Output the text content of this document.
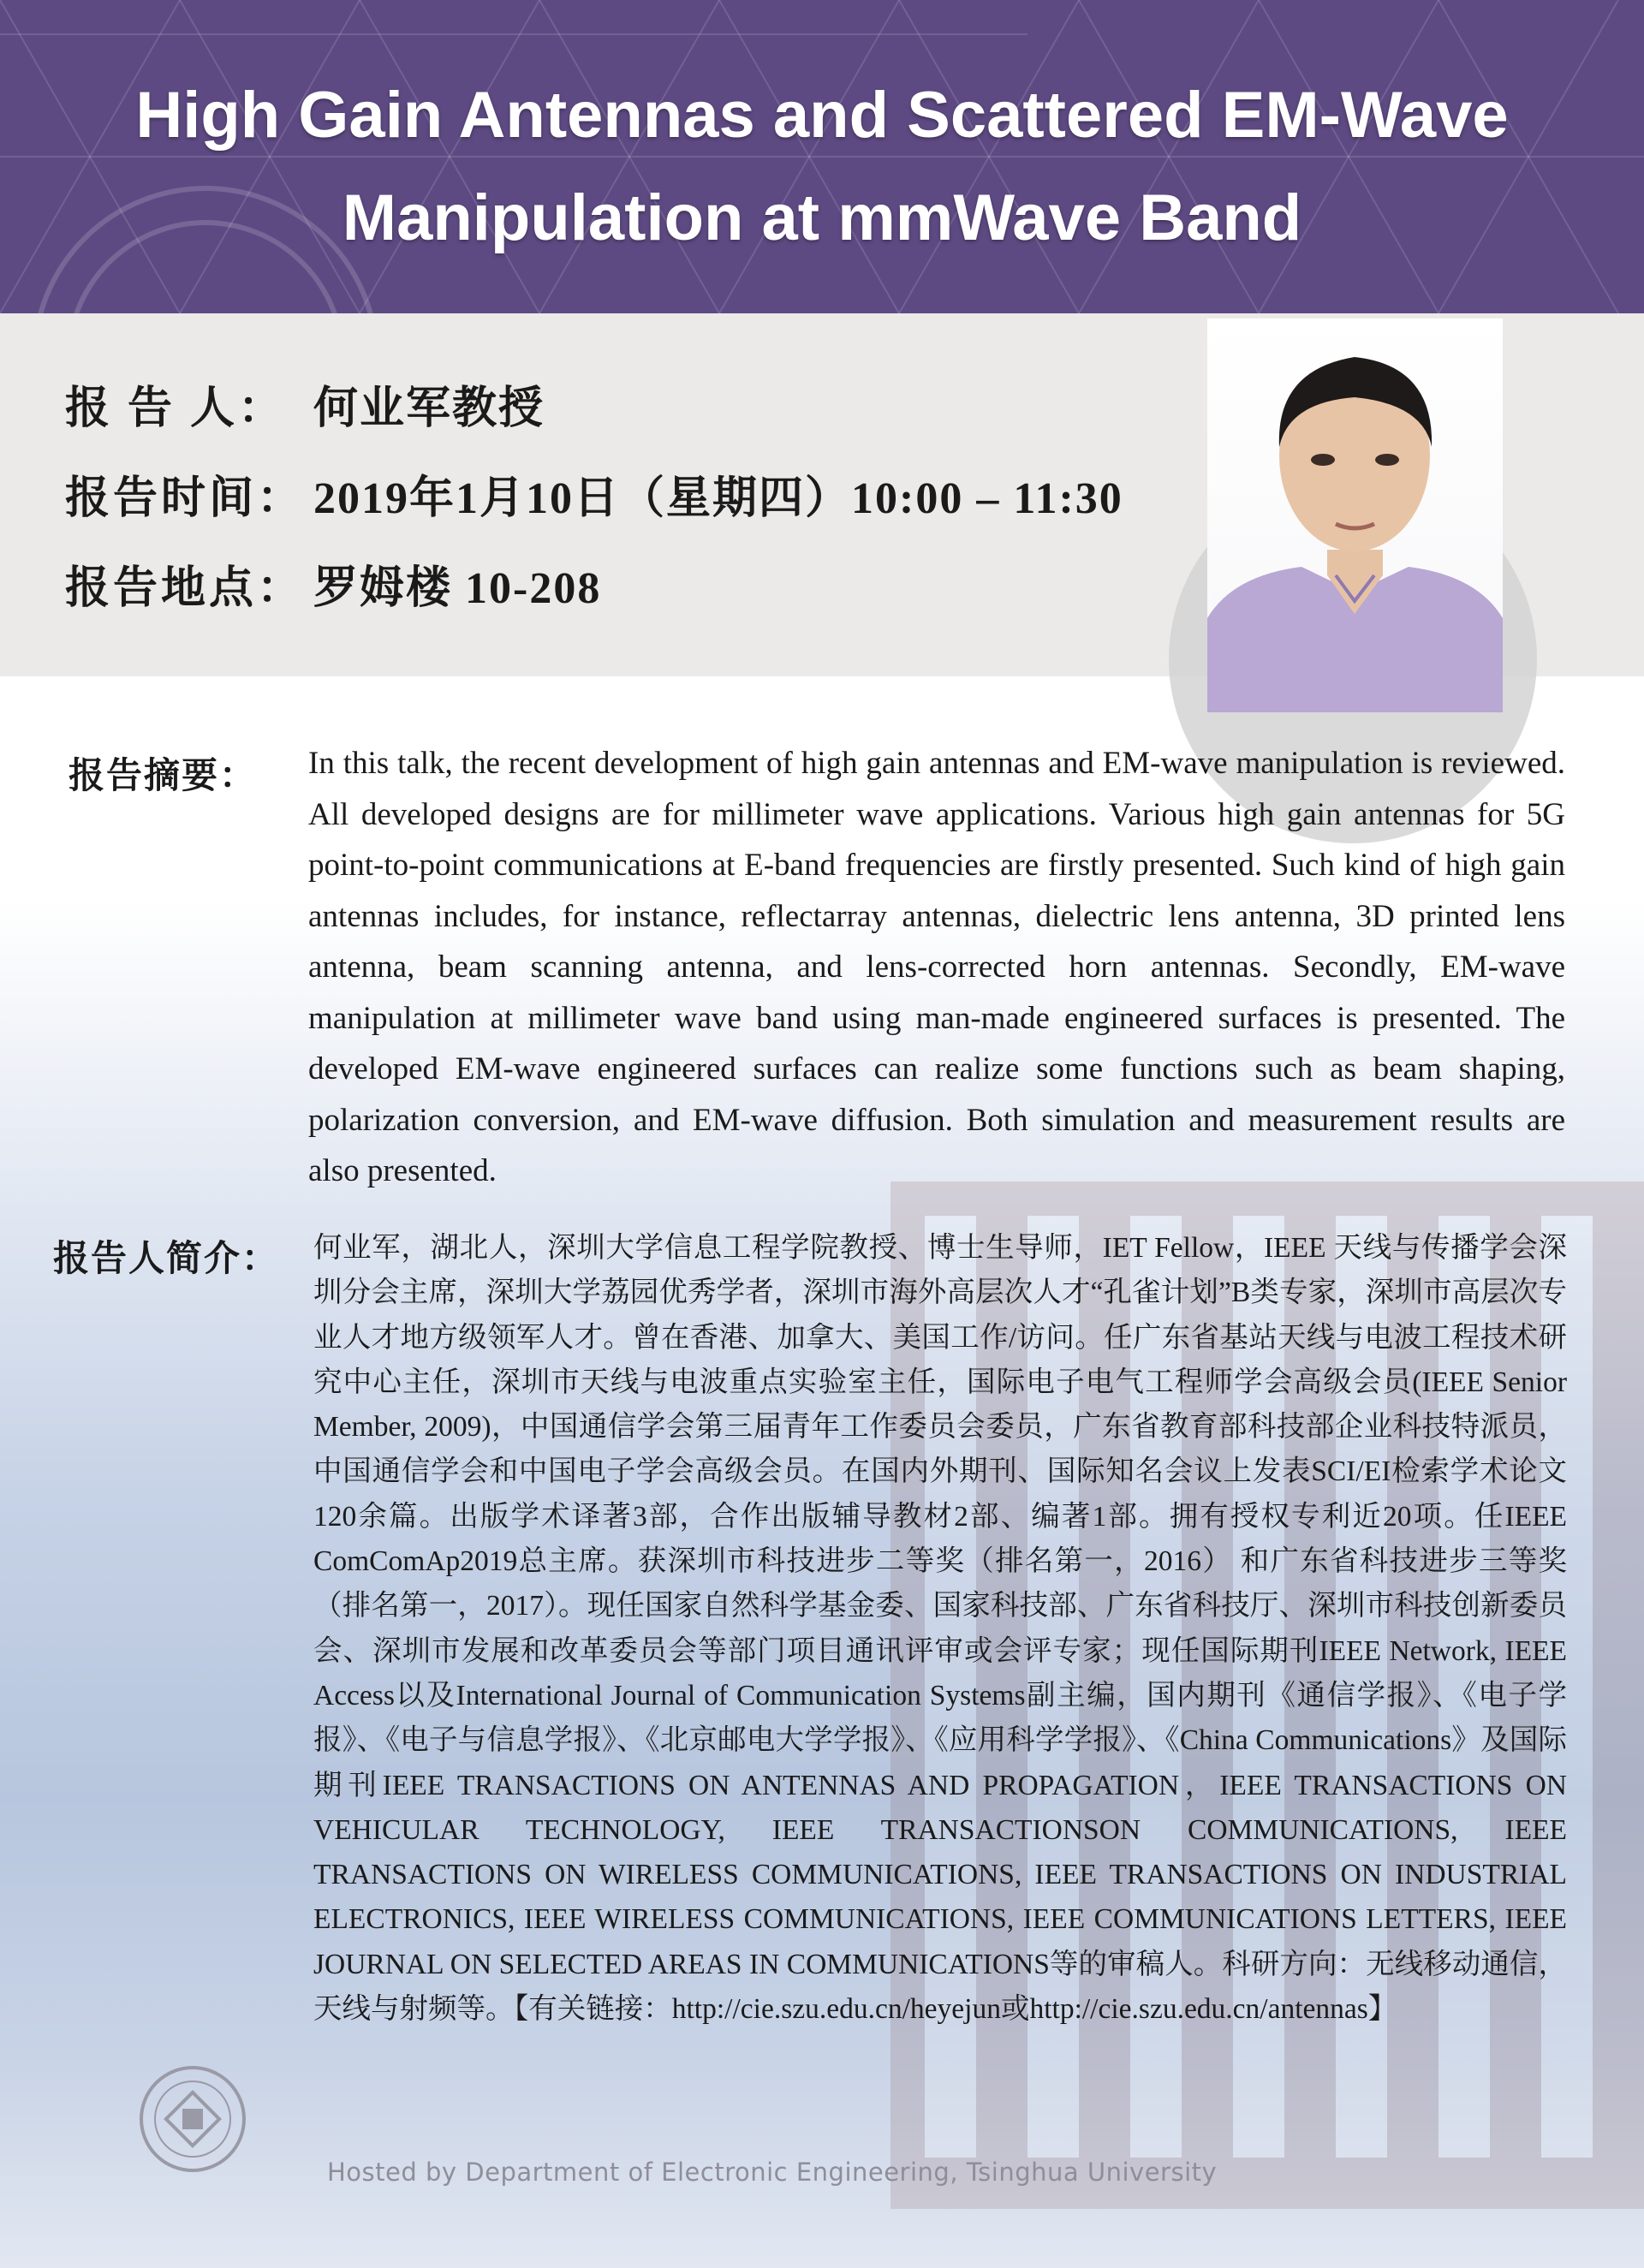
High Gain Antennas and Scattered EM-Wave
Manipulation at mmWave Band
报 告 人： 何业军教授
报告时间： 2019年1月10日（星期四）10:00 – 11:30
报告地点： 罗姆楼 10-208
报告摘要： In this talk, the recent development of high gain antennas and EM-wave manipulation is reviewed. All developed designs are for millimeter wave applications. Various high gain antennas for 5G point-to-point communications at E-band frequencies are firstly presented. Such kind of high gain antennas includes, for instance, reflectarray antennas, dielectric lens antenna, 3D printed lens antenna, beam scanning antenna, and lens-corrected horn antennas. Secondly, EM-wave manipulation at millimeter wave band using man-made engineered surfaces is presented. The developed EM-wave engineered surfaces can realize some functions such as beam shaping, polarization conversion, and EM-wave diffusion. Both simulation and measurement results are also presented.

报告人简介： 何业军，湖北人，深圳大学信息工程学院教授、博士生导师，IET Fellow，IEEE 天线与传播学会深圳分会主席，深圳大学荔园优秀学者，深圳市海外高层次人才“孔雀计划”B类专家，深圳市高层次专业人才地方级领军人才。曾在香港、加拿大、美国工作/访问。任广东省基站天线与电波工程技术研究中心主任，深圳市天线与电波重点实验室主任，国际电子电气工程师学会高级会员(IEEE Senior Member, 2009)，中国通信学会第三届青年工作委员会委员，广东省教育部科技部企业科技特派员，中国通信学会和中国电子学会高级会员。在国内外期刊、国际知名会议上发表SCI/EI检索学术论文120余篇。出版学术译著3部，合作出版辅导教材2部、编著1部。拥有授权专利近20项。任IEEE ComComAp2019总主席。获深圳市科技进步二等奖（排名第一，2016） 和广东省科技进步三等奖（排名第一，2017）。现任国家自然科学基金委、国家科技部、广东省科技厅、深圳市科技创新委员会、深圳市发展和改革委员会等部门项目通讯评审或会评专家；现任国际期刊IEEE Network, IEEE Access以及International Journal of Communication Systems副主编，国内期刊《通信学报》、《电子学报》、《电子与信息学报》、《北京邮电大学学报》、《应用科学学报》、《China Communications》及国际期刊IEEE TRANSACTIONS ON ANTENNAS AND PROPAGATION，IEEE TRANSACTIONS ON VEHICULAR TECHNOLOGY, IEEE TRANSACTIONSON COMMUNICATIONS, IEEE TRANSACTIONS ON WIRELESS COMMUNICATIONS, IEEE TRANSACTIONS ON INDUSTRIAL ELECTRONICS, IEEE WIRELESS COMMUNICATIONS, IEEE COMMUNICATIONS LETTERS, IEEE JOURNAL ON SELECTED AREAS IN COMMUNICATIONS等的审稿人。科研方向：无线移动通信，天线与射频等。【有关链接：http://cie.szu.edu.cn/heyejun或http://cie.szu.edu.cn/antennas】

Hosted by Department of Electronic Engineering, Tsinghua University
